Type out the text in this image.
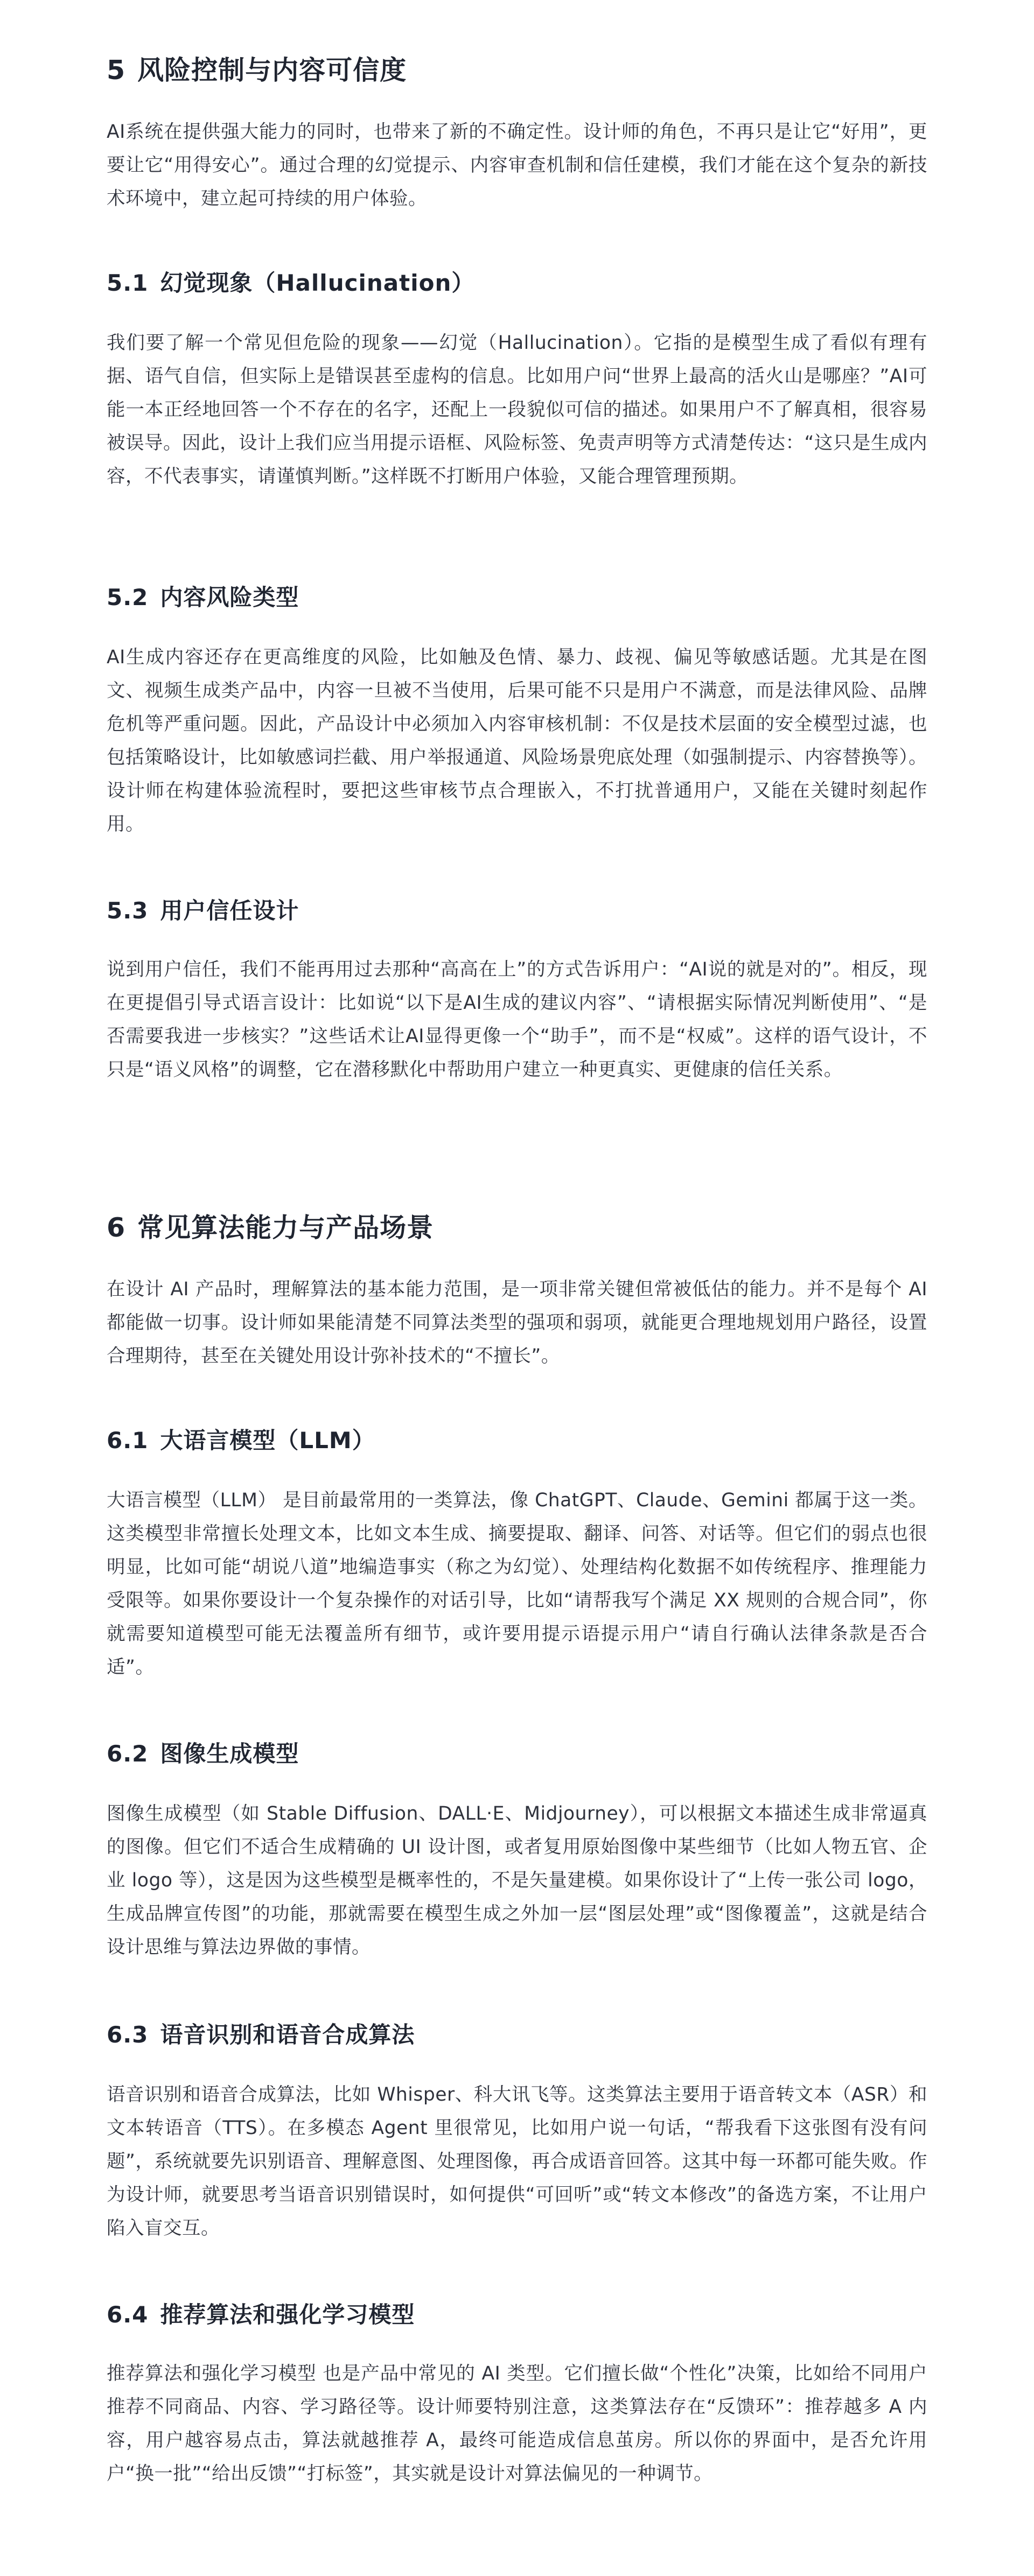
5 风险控制与内容可信度

AI系统在提供强大能力的同时，也带来了新的不确定性。设计师的角色，不再只是让它“好用”，更要让它“用得安心”。通过合理的幻觉提示、内容审查机制和信任建模，我们才能在这个复杂的新技术环境中，建立起可持续的用户体验。

5.1 幻觉现象（Hallucination）

我们要了解一个常见但危险的现象——幻觉（Hallucination）。它指的是模型生成了看似有理有据、语气自信，但实际上是错误甚至虚构的信息。比如用户问“世界上最高的活火山是哪座？”AI可能一本正经地回答一个不存在的名字，还配上一段貌似可信的描述。如果用户不了解真相，很容易被误导。因此，设计上我们应当用提示语框、风险标签、免责声明等方式清楚传达：“这只是生成内容，不代表事实，请谨慎判断。”这样既不打断用户体验，又能合理管理预期。

5.2 内容风险类型

AI生成内容还存在更高维度的风险，比如触及色情、暴力、歧视、偏见等敏感话题。尤其是在图文、视频生成类产品中，内容一旦被不当使用，后果可能不只是用户不满意，而是法律风险、品牌危机等严重问题。因此，产品设计中必须加入内容审核机制：不仅是技术层面的安全模型过滤，也包括策略设计，比如敏感词拦截、用户举报通道、风险场景兜底处理（如强制提示、内容替换等）。设计师在构建体验流程时，要把这些审核节点合理嵌入，不打扰普通用户，又能在关键时刻起作用。

5.3 用户信任设计

说到用户信任，我们不能再用过去那种“高高在上”的方式告诉用户：“AI说的就是对的”。相反，现在更提倡引导式语言设计：比如说“以下是AI生成的建议内容”、“请根据实际情况判断使用”、“是否需要我进一步核实？”这些话术让AI显得更像一个“助手”，而不是“权威”。这样的语气设计，不只是“语义风格”的调整，它在潜移默化中帮助用户建立一种更真实、更健康的信任关系。

6 常见算法能力与产品场景

在设计 AI 产品时，理解算法的基本能力范围，是一项非常关键但常被低估的能力。并不是每个 AI 都能做一切事。设计师如果能清楚不同算法类型的强项和弱项，就能更合理地规划用户路径，设置合理期待，甚至在关键处用设计弥补技术的“不擅长”。

6.1 大语言模型（LLM）

大语言模型（LLM） 是目前最常用的一类算法，像 ChatGPT、Claude、Gemini 都属于这一类。这类模型非常擅长处理文本，比如文本生成、摘要提取、翻译、问答、对话等。但它们的弱点也很明显，比如可能“胡说八道”地编造事实（称之为幻觉）、处理结构化数据不如传统程序、推理能力受限等。如果你要设计一个复杂操作的对话引导，比如“请帮我写个满足 XX 规则的合规合同”，你就需要知道模型可能无法覆盖所有细节，或许要用提示语提示用户“请自行确认法律条款是否合适”。

6.2 图像生成模型

图像生成模型（如 Stable Diffusion、DALL·E、Midjourney），可以根据文本描述生成非常逼真的图像。但它们不适合生成精确的 UI 设计图，或者复用原始图像中某些细节（比如人物五官、企业 logo 等），这是因为这些模型是概率性的，不是矢量建模。如果你设计了“上传一张公司 logo，生成品牌宣传图”的功能，那就需要在模型生成之外加一层“图层处理”或“图像覆盖”，这就是结合设计思维与算法边界做的事情。

6.3 语音识别和语音合成算法

语音识别和语音合成算法，比如 Whisper、科大讯飞等。这类算法主要用于语音转文本（ASR）和文本转语音（TTS）。在多模态 Agent 里很常见，比如用户说一句话，“帮我看下这张图有没有问题”，系统就要先识别语音、理解意图、处理图像，再合成语音回答。这其中每一环都可能失败。作为设计师，就要思考当语音识别错误时，如何提供“可回听”或“转文本修改”的备选方案，不让用户陷入盲交互。

6.4 推荐算法和强化学习模型

推荐算法和强化学习模型 也是产品中常见的 AI 类型。它们擅长做“个性化”决策，比如给不同用户推荐不同商品、内容、学习路径等。设计师要特别注意，这类算法存在“反馈环”：推荐越多 A 内容，用户越容易点击，算法就越推荐 A，最终可能造成信息茧房。所以你的界面中，是否允许用户“换一批”“给出反馈”“打标签”，其实就是设计对算法偏见的一种调节。
